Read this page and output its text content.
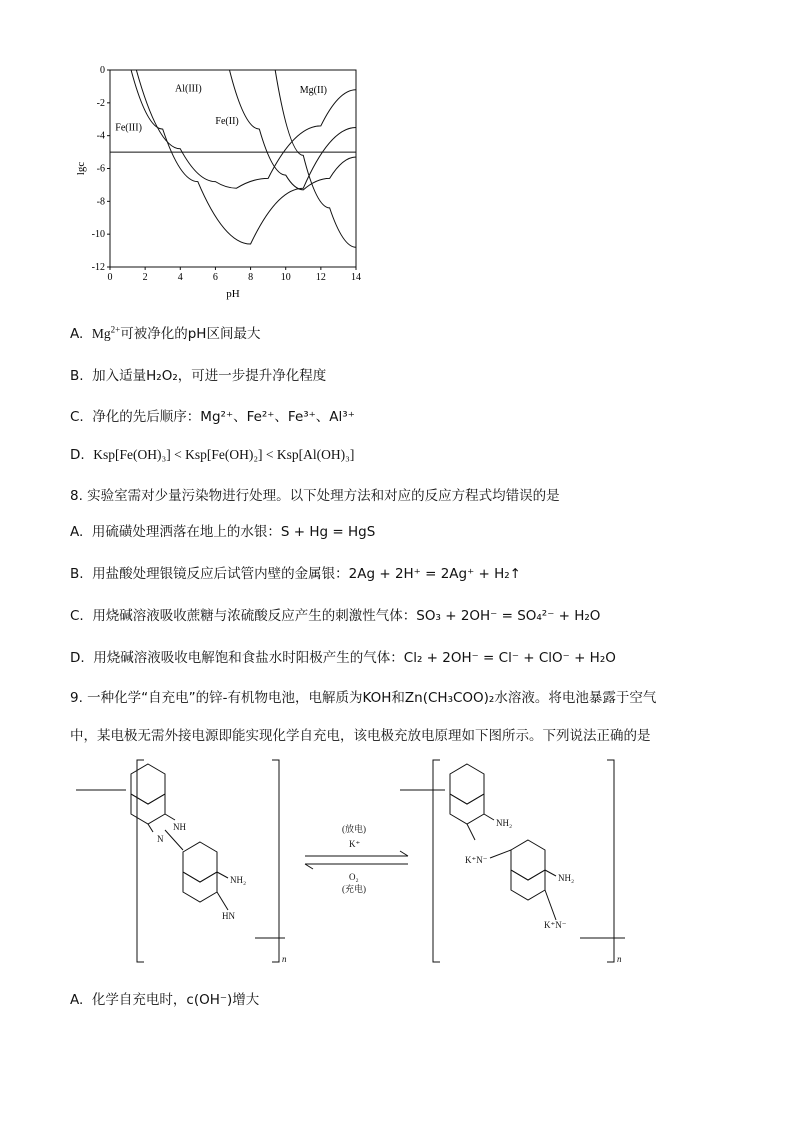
0	2	4	6	8	10	12	14
0
-2
-4
-6
-8
-10
-12
pH
lgc
Fe(III)
Al(III)
Fe(II)
Mg(II)
A. $Mg^{2+}$可被净化的pH区间最大
B. 加入适量H₂O₂，可进一步提升净化程度
C. 净化的先后顺序：Mg²⁺、Fe²⁺、Fe³⁺、Al³⁺
D. Ksp[Fe(OH)₃] < Ksp[Fe(OH)₂] < Ksp[Al(OH)₃]
8. 实验室需对少量污染物进行处理。以下处理方法和对应的反应方程式均错误的是
A. 用硫磺处理洒落在地上的水银：S + Hg = HgS
B. 用盐酸处理银镜反应后试管内壁的金属银：2Ag + 2H⁺ = 2Ag⁺ + H₂↑
C. 用烧碱溶液吸收蔗糖与浓硫酸反应产生的刺激性气体：SO₃ + 2OH⁻ = SO₄²⁻ + H₂O
D. 用烧碱溶液吸收电解饱和食盐水时阳极产生的气体：Cl₂ + 2OH⁻ = Cl⁻ + ClO⁻ + H₂O
9. 一种化学“自充电”的锌-有机物电池，电解质为KOH和Zn(CH₃COO)₂水溶液。将电池暴露于空气
中，某电极无需外接电源即能实现化学自充电，该电极充放电原理如下图所示。下列说法正确的是
NH
N
NH₂
HN
NH₂
K⁺N⁻
NH₂
K⁺N⁻
n	n
(放电)
K⁺
O₂
(充电)
A. 化学自充电时，c(OH⁻)增大
